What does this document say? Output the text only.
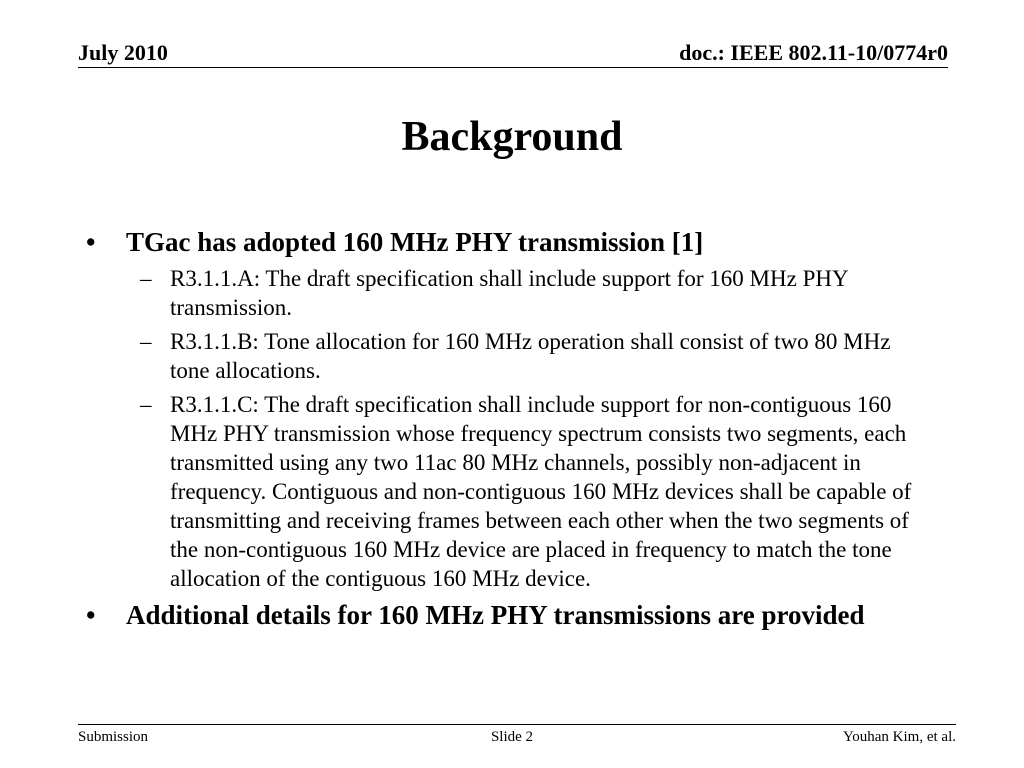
July 2010	doc.: IEEE 802.11-10/0774r0
Background
• TGac has adopted 160 MHz PHY transmission [1]
– R3.1.1.A: The draft specification shall include support for 160 MHz PHY transmission.
– R3.1.1.B: Tone allocation for 160 MHz operation shall consist of two 80 MHz tone allocations.
– R3.1.1.C: The draft specification shall include support for non-contiguous 160 MHz PHY transmission whose frequency spectrum consists two segments, each transmitted using any two 11ac 80 MHz channels, possibly non-adjacent in frequency. Contiguous and non-contiguous 160 MHz devices shall be capable of transmitting and receiving frames between each other when the two segments of the non-contiguous 160 MHz device are placed in frequency to match the tone allocation of the contiguous 160 MHz device.
• Additional details for 160 MHz PHY transmissions are provided
Submission	Slide 2	Youhan Kim, et al.
